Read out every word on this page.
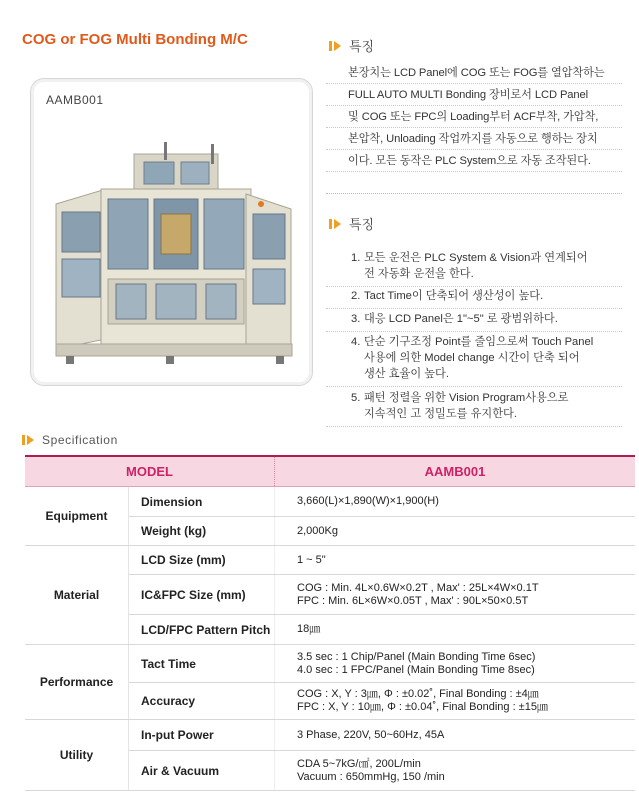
COG or FOG Multi Bonding M/C
AAMB001
특징
본장치는 LCD Panel에 COG 또는 FOG를 열압착하는
FULL AUTO MULTI Bonding 장비로서 LCD Panel
및 COG 또는 FPC의 Loading부터 ACF부착, 가압착,
본압착, Unloading 작업까지를 자동으로 행하는 장치
이다. 모든 동작은 PLC System으로 자동 조작된다.
특징
1. 모든 운전은 PLC System & Vision과 연계되어
전 자동화 운전을 한다.
2. Tact Time이 단축되어 생산성이 높다.
3. 대응 LCD Panel은 1"~5" 로 광범위하다.
4. 단순 기구조정 Point를 줄임으로써 Touch Panel
사용에 의한 Model change 시간이 단축 되어
생산 효율이 높다.
5. 패턴 정렬을 위한 Vision Program사용으로
지속적인 고 정밀도를 유지한다.
Specification
MODEL		AAMB001
Equipment	Dimension	3,660(L)×1,890(W)×1,900(H)
	Weight (kg)	2,000Kg
Material	LCD Size (mm)	1 ~ 5"
	IC&FPC Size (mm)	COG : Min. 4L×0.6W×0.2T , Max' : 25L×4W×0.1T
FPC : Min. 6L×6W×0.05T , Max' : 90L×50×0.5T

	LCD/FPC Pattern Pitch	18㎛
Performance	Tact Time	3.5 sec : 1 Chip/Panel (Main Bonding Time 6sec)
4.0 sec : 1 FPC/Panel (Main Bonding Time 8sec)

	Accuracy	COG : X, Y : 3㎛, Φ : ±0.02˚, Final Bonding : ±4㎛
FPC : X, Y : 10㎛, Φ : ±0.04˚, Final Bonding : ±15㎛

Utility	In-put Power	3 Phase, 220V, 50~60Hz, 45A
	Air & Vacuum	CDA 5~7kG/㎠, 200L/min
Vacuum : 650mmHg, 150 /min
